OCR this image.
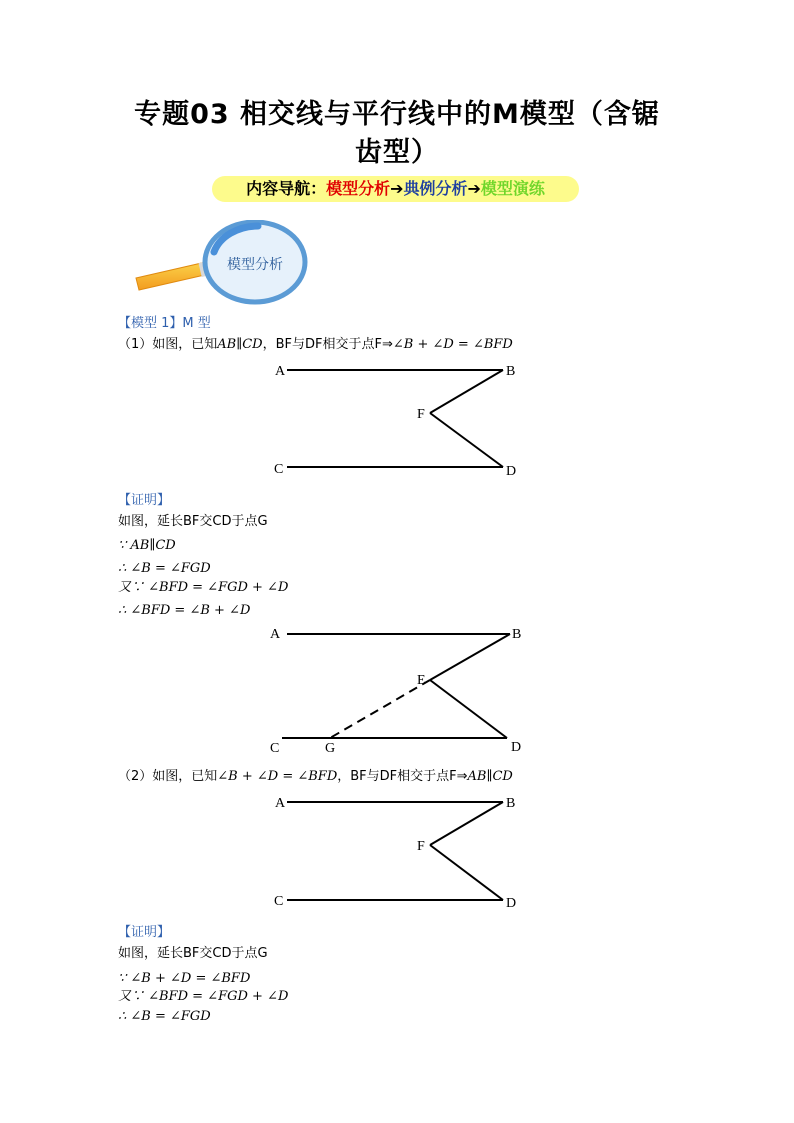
专题03 相交线与平行线中的M模型（含锯
齿型）
内容导航：模型分析➔典例分析➔模型演练
模型分析
【模型 1】M 型
（1）如图，已知AB∥CD，BF与DF相交于点F⇒∠B + ∠D = ∠BFD
A	B
F
C	D
A	B
E
C	G	D
A	B
F
C	D
【证明】
如图，延长BF交CD于点G
∵ AB∥CD
∴ ∠B = ∠FGD
又∵ ∠BFD = ∠FGD + ∠D
∴ ∠BFD = ∠B + ∠D
（2）如图，已知∠B + ∠D = ∠BFD，BF与DF相交于点F⇒AB∥CD
【证明】
如图，延长BF交CD于点G
∵ ∠B + ∠D = ∠BFD
又∵ ∠BFD = ∠FGD + ∠D
∴ ∠B = ∠FGD
